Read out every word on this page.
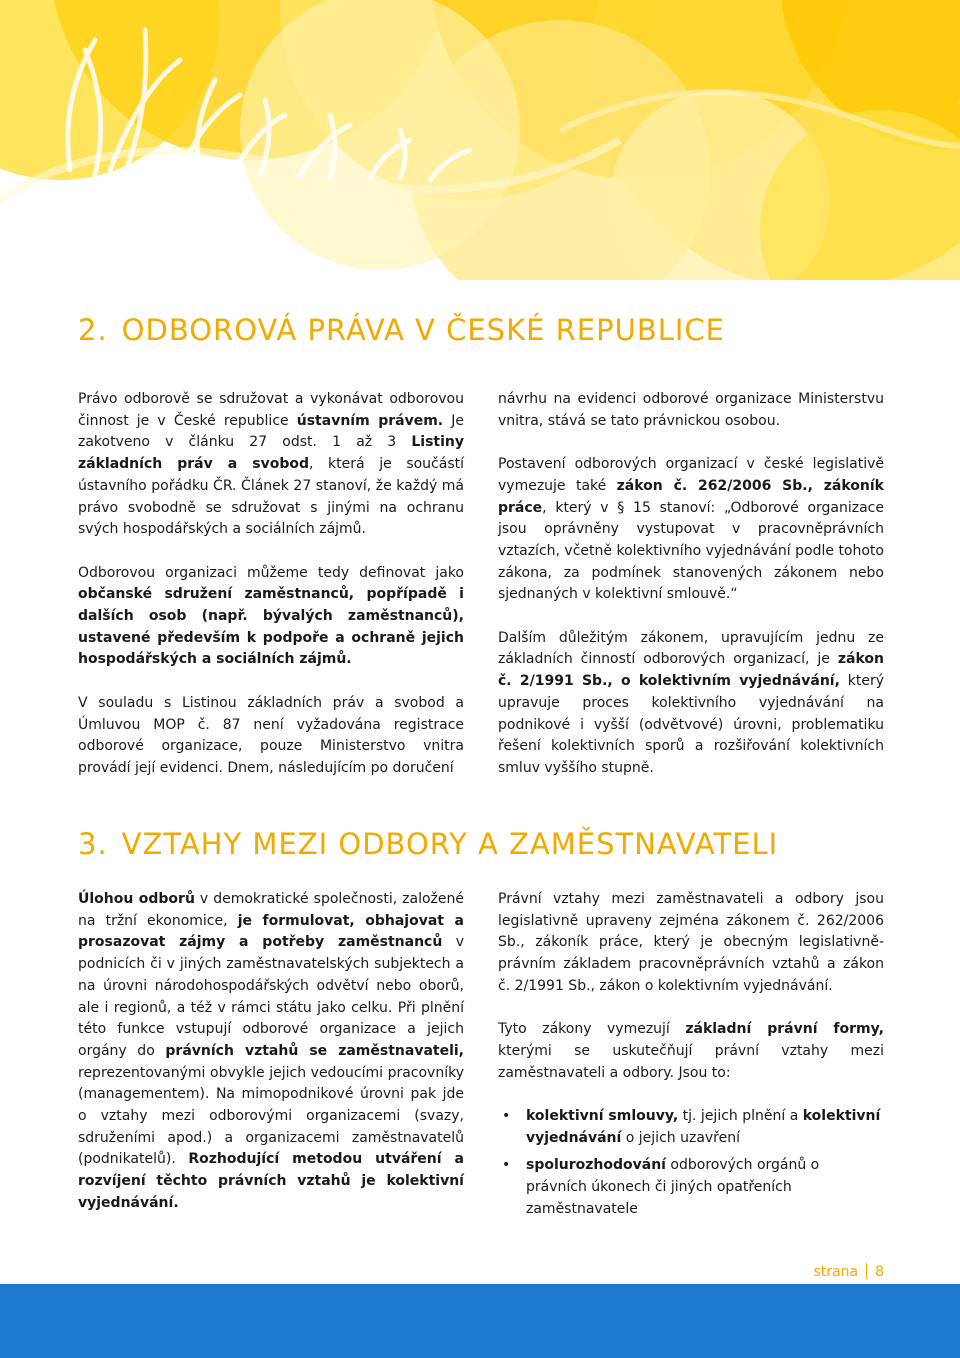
2. ODBOROVÁ PRÁVA V ČESKÉ REPUBLICE

Právo odborově se sdružovat a vykonávat odborovou činnost je v České republice ústavním právem. Je zakotveno v článku 27 odst. 1 až 3 Listiny základních práv a svobod, která je součástí ústavního pořádku ČR. Článek 27 stanoví, že každý má právo svobodně se sdružovat s jinými na ochranu svých hospodářských a sociálních zájmů.

Odborovou organizaci můžeme tedy definovat jako občanské sdružení zaměstnanců, popřípadě i dalších osob (např. bývalých zaměstnanců), ustavené především k podpoře a ochraně jejich hospodářských a sociálních zájmů.

V souladu s Listinou základních práv a svobod a Úmluvou MOP č. 87 není vyžadována registrace odborové organizace, pouze Ministerstvo vnitra provádí její evidenci. Dnem, následujícím po doručení

návrhu na evidenci odborové organizace Ministerstvu vnitra, stává se tato právnickou osobou.

Postavení odborových organizací v české legislativě vymezuje také zákon č. 262/2006 Sb., zákoník práce, který v § 15 stanoví: „Odborové organizace jsou oprávněny vystupovat v pracovněprávních vztazích, včetně kolektivního vyjednávání podle tohoto zákona, za podmínek stanovených zákonem nebo sjednaných v kolektivní smlouvě.“

Dalším důležitým zákonem, upravujícím jednu ze základních činností odborových organizací, je zákon č. 2/1991 Sb., o kolektivním vyjednávání, který upravuje proces kolektivního vyjednávání na podnikové i vyšší (odvětvové) úrovni, problematiku řešení kolektivních sporů a rozšiřování kolektivních smluv vyššího stupně.

3. VZTAHY MEZI ODBORY A ZAMĚSTNAVATELI

Úlohou odborů v demokratické společnosti, založené na tržní ekonomice, je formulovat, obhajovat a prosazovat zájmy a potřeby zaměstnanců v podnicích či v jiných zaměstnavatelských subjektech a na úrovni národohospodářských odvětví nebo oborů, ale i regionů, a též v rámci státu jako celku. Při plnění této funkce vstupují odborové organizace a jejich orgány do právních vztahů se zaměstnavateli, reprezentovanými obvykle jejich vedoucími pracovníky (managementem). Na mimopodnikové úrovni pak jde o vztahy mezi odborovými organizacemi (svazy, sdruženími apod.) a organizacemi zaměstnavatelů (podnikatelů). Rozhodující metodou utváření a rozvíjení těchto právních vztahů je kolektivní vyjednávání.

Právní vztahy mezi zaměstnavateli a odbory jsou legislativně upraveny zejména zákonem č. 262/2006 Sb., zákoník práce, který je obecným legislativně-právním základem pracovněprávních vztahů a zákon č. 2/1991 Sb., zákon o kolektivním vyjednávání.

Tyto zákony vymezují základní právní formy, kterými se uskutečňují právní vztahy mezi zaměstnavateli a odbory. Jsou to:

• kolektivní smlouvy, tj. jejich plnění a kolektivní vyjednávání o jejich uzavření
• spolurozhodování odborových orgánů o právních úkonech či jiných opatřeních zaměstnavatele
strana 8
